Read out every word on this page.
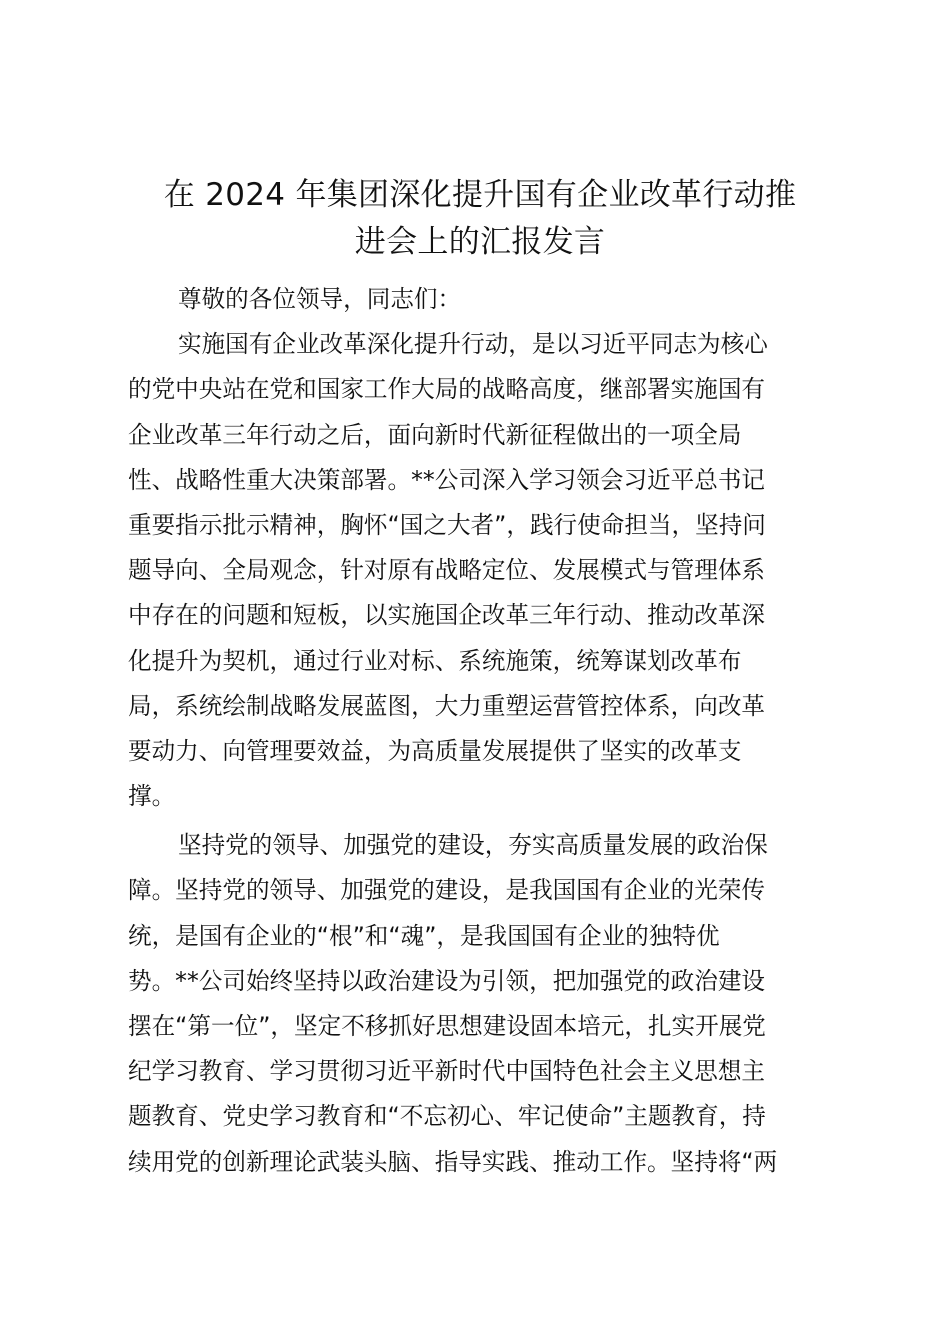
在 2024 年集团深化提升国有企业改革行动推
进会上的汇报发言
尊敬的各位领导，同志们：
实施国有企业改革深化提升行动，是以习近平同志为核心
的党中央站在党和国家工作大局的战略高度，继部署实施国有
企业改革三年行动之后，面向新时代新征程做出的一项全局
性、战略性重大决策部署。**公司深入学习领会习近平总书记
重要指示批示精神，胸怀“国之大者”，践行使命担当，坚持问
题导向、全局观念，针对原有战略定位、发展模式与管理体系
中存在的问题和短板，以实施国企改革三年行动、推动改革深
化提升为契机，通过行业对标、系统施策，统筹谋划改革布
局，系统绘制战略发展蓝图，大力重塑运营管控体系，向改革
要动力、向管理要效益，为高质量发展提供了坚实的改革支
撑。
坚持党的领导、加强党的建设，夯实高质量发展的政治保
障。坚持党的领导、加强党的建设，是我国国有企业的光荣传
统，是国有企业的“根”和“魂”，是我国国有企业的独特优
势。**公司始终坚持以政治建设为引领，把加强党的政治建设
摆在“第一位”，坚定不移抓好思想建设固本培元，扎实开展党
纪学习教育、学习贯彻习近平新时代中国特色社会主义思想主
题教育、党史学习教育和“不忘初心、牢记使命”主题教育，持
续用党的创新理论武装头脑、指导实践、推动工作。坚持将“两
